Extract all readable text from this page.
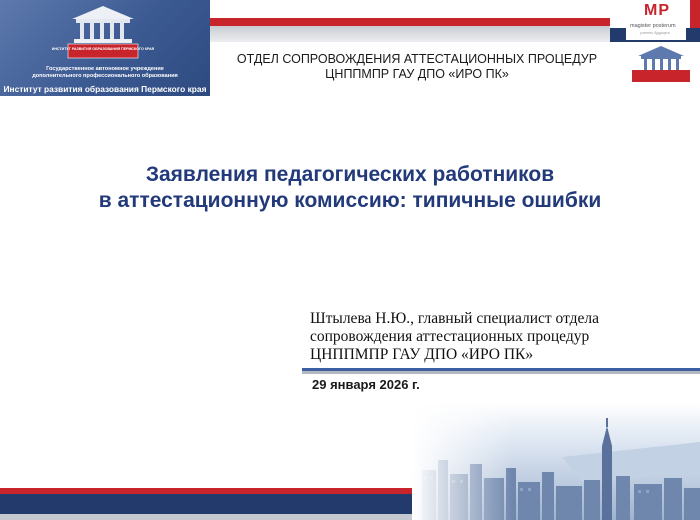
ИНСТИТУТ РАЗВИТИЯ ОБРАЗОВАНИЯ ПЕРМСКОГО КРАЯ
Государственное автономное учреждение
дополнительного профессионального образования
Институт развития образования Пермского края
MP
magister posterum
учитель будущего
ОТДЕЛ СОПРОВОЖДЕНИЯ АТТЕСТАЦИОННЫХ ПРОЦЕДУР
ЦНППМПР ГАУ ДПО «ИРО ПК»
Заявления педагогических работников
в аттестационную комиссию: типичные ошибки
Штылева Н.Ю., главный специалист отдела
сопровождения аттестационных процедур
ЦНППМПР ГАУ ДПО «ИРО ПК»
29 января 2026 г.
